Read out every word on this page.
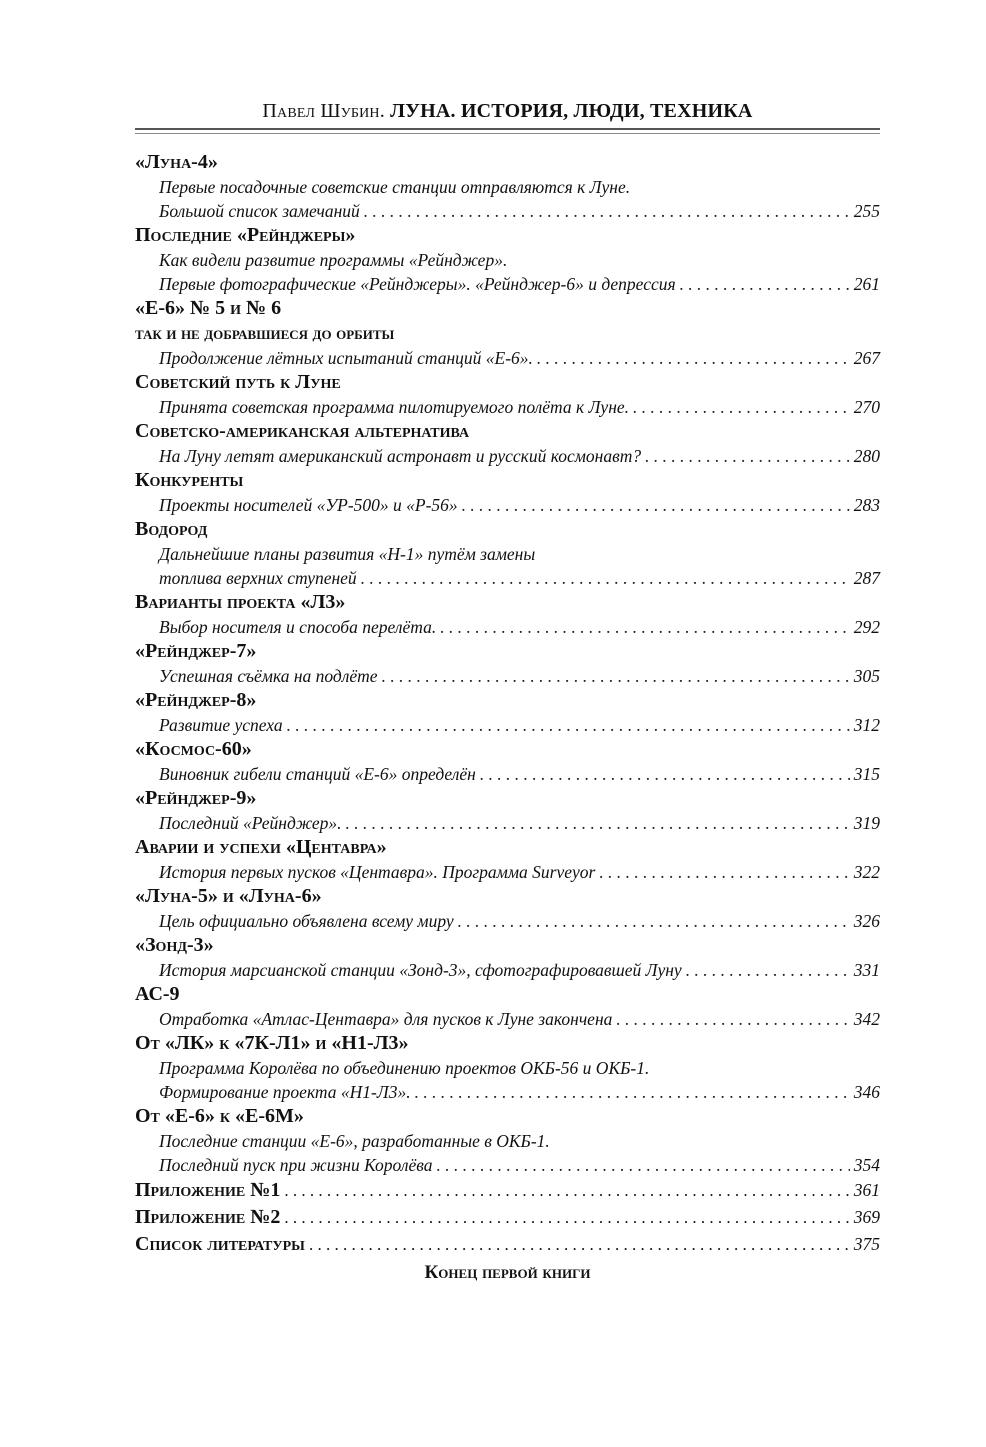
Павел Шубин. ЛУНА. ИСТОРИЯ, ЛЮДИ, ТЕХНИКА
«Луна-4»
Первые посадочные советские станции отправляются к Луне.
Большой список замечаний . . .	255
Последние «Рейнджеры»
Как видели развитие программы «Рейнджер».
Первые фотографические «Рейнджеры». «Рейнджер-6» и депрессия . . .	261
«Е-6» № 5 и № 6
так и не добравшиеся до орбиты
Продолжение лётных испытаний станций «Е-6». . . .	267
Советский путь к Луне
Принята советская программа пилотируемого полёта к Луне. . . .	270
Советско-американская альтернатива
На Луну летят американский астронавт и русский космонавт? . . .	280
Конкуренты
Проекты носителей «УР-500» и «Р-56» . . .	283
Водород
Дальнейшие планы развития «Н-1» путём замены
топлива верхних ступеней . . .	287
Варианты проекта «Л3»
Выбор носителя и способа перелёта. . . .	292
«Рейнджер-7»
Успешная съёмка на подлёте . . .	305
«Рейнджер-8»
Развитие успеха . . .	312
«Космос-60»
Виновник гибели станций «Е-6» определён . . .	315
«Рейнджер-9»
Последний «Рейнджер». . . .	319
Аварии и успехи «Центавра»
История первых пусков «Центавра». Программа Surveyor . . .	322
«Луна-5» и «Луна-6»
Цель официально объявлена всему миру . . .	326
«Зонд-3»
История марсианской станции «Зонд-3», сфотографировавшей Луну . . .	331
АС-9
Отработка «Атлас-Центавра» для пусков к Луне закончена . . .	342
От «ЛК» к «7К-Л1» и «Н1-Л3»
Программа Королёва по объединению проектов ОКБ-56 и ОКБ-1.
Формирование проекта «Н1-Л3». . . .	346
От «Е-6» к «Е-6М»
Последние станции «Е-6», разработанные в ОКБ-1.
Последний пуск при жизни Королёва . . .	354
Приложение №1 . . .	361
Приложение №2 . . .	369
Список литературы . . .	375
Конец первой книги
